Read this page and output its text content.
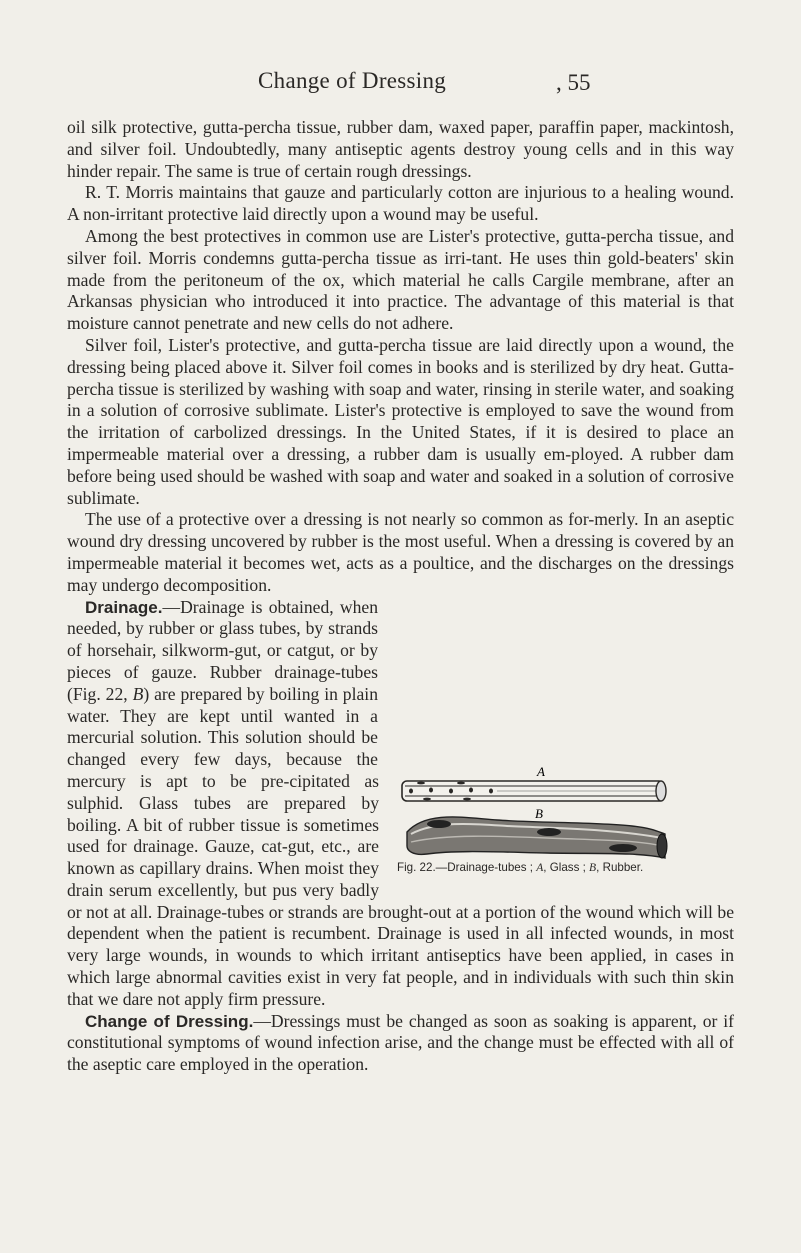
Change of Dressing	, 55

oil silk protective, gutta-percha tissue, rubber dam, waxed paper, paraffin paper, mackintosh, and silver foil. Undoubtedly, many antiseptic agents destroy young cells and in this way hinder repair. The same is true of certain rough dressings.

R. T. Morris maintains that gauze and particularly cotton are injurious to a healing wound. A non-irritant protective laid directly upon a wound may be useful.

Among the best protectives in common use are Lister's protective, gutta-percha tissue, and silver foil. Morris condemns gutta-percha tissue as irri-tant. He uses thin gold-beaters' skin made from the peritoneum of the ox, which material he calls Cargile membrane, after an Arkansas physician who introduced it into practice. The advantage of this material is that moisture cannot penetrate and new cells do not adhere.

Silver foil, Lister's protective, and gutta-percha tissue are laid directly upon a wound, the dressing being placed above it. Silver foil comes in books and is sterilized by dry heat. Gutta-percha tissue is sterilized by washing with soap and water, rinsing in sterile water, and soaking in a solution of corrosive sublimate. Lister's protective is employed to save the wound from the irritation of carbolized dressings. In the United States, if it is desired to place an impermeable material over a dressing, a rubber dam is usually em-ployed. A rubber dam before being used should be washed with soap and water and soaked in a solution of corrosive sublimate.

The use of a protective over a dressing is not nearly so common as for-merly. In an aseptic wound dry dressing uncovered by rubber is the most useful. When a dressing is covered by an impermeable material it becomes wet, acts as a poultice, and the discharges on the dressings may undergo decomposition.

Drainage.—Drainage is obtained, when needed, by rubber or glass tubes, by strands of horsehair, silkworm-gut, or catgut, or by pieces of gauze. Rubber drainage-tubes (Fig. 22, B) are prepared by boiling in plain water. They are kept until wanted in a mercurial solution. This solution should be changed every few days, because the mercury is apt to be pre-cipitated as sulphid. Glass tubes are prepared by boiling. A bit of rubber tissue is sometimes used for drainage. Gauze, cat-gut, etc., are known as capillary drains. When moist they drain serum excellently, but pus very badly or not at all. Drainage-tubes or strands are brought-out at a portion of the wound which will be dependent when the patient is recumbent. Drainage is used in all infected wounds, in most very large wounds, in wounds to which irritant antiseptics have been applied, in cases in which large abnormal cavities exist in very fat people, and in individuals with such thin skin that we dare not apply firm pressure.

Change of Dressing.—Dressings must be changed as soon as soaking is apparent, or if constitutional symptoms of wound infection arise, and the change must be effected with all of the aseptic care employed in the operation.

A
B
Fig. 22.—Drainage-tubes ; A, Glass ; B, Rubber.
